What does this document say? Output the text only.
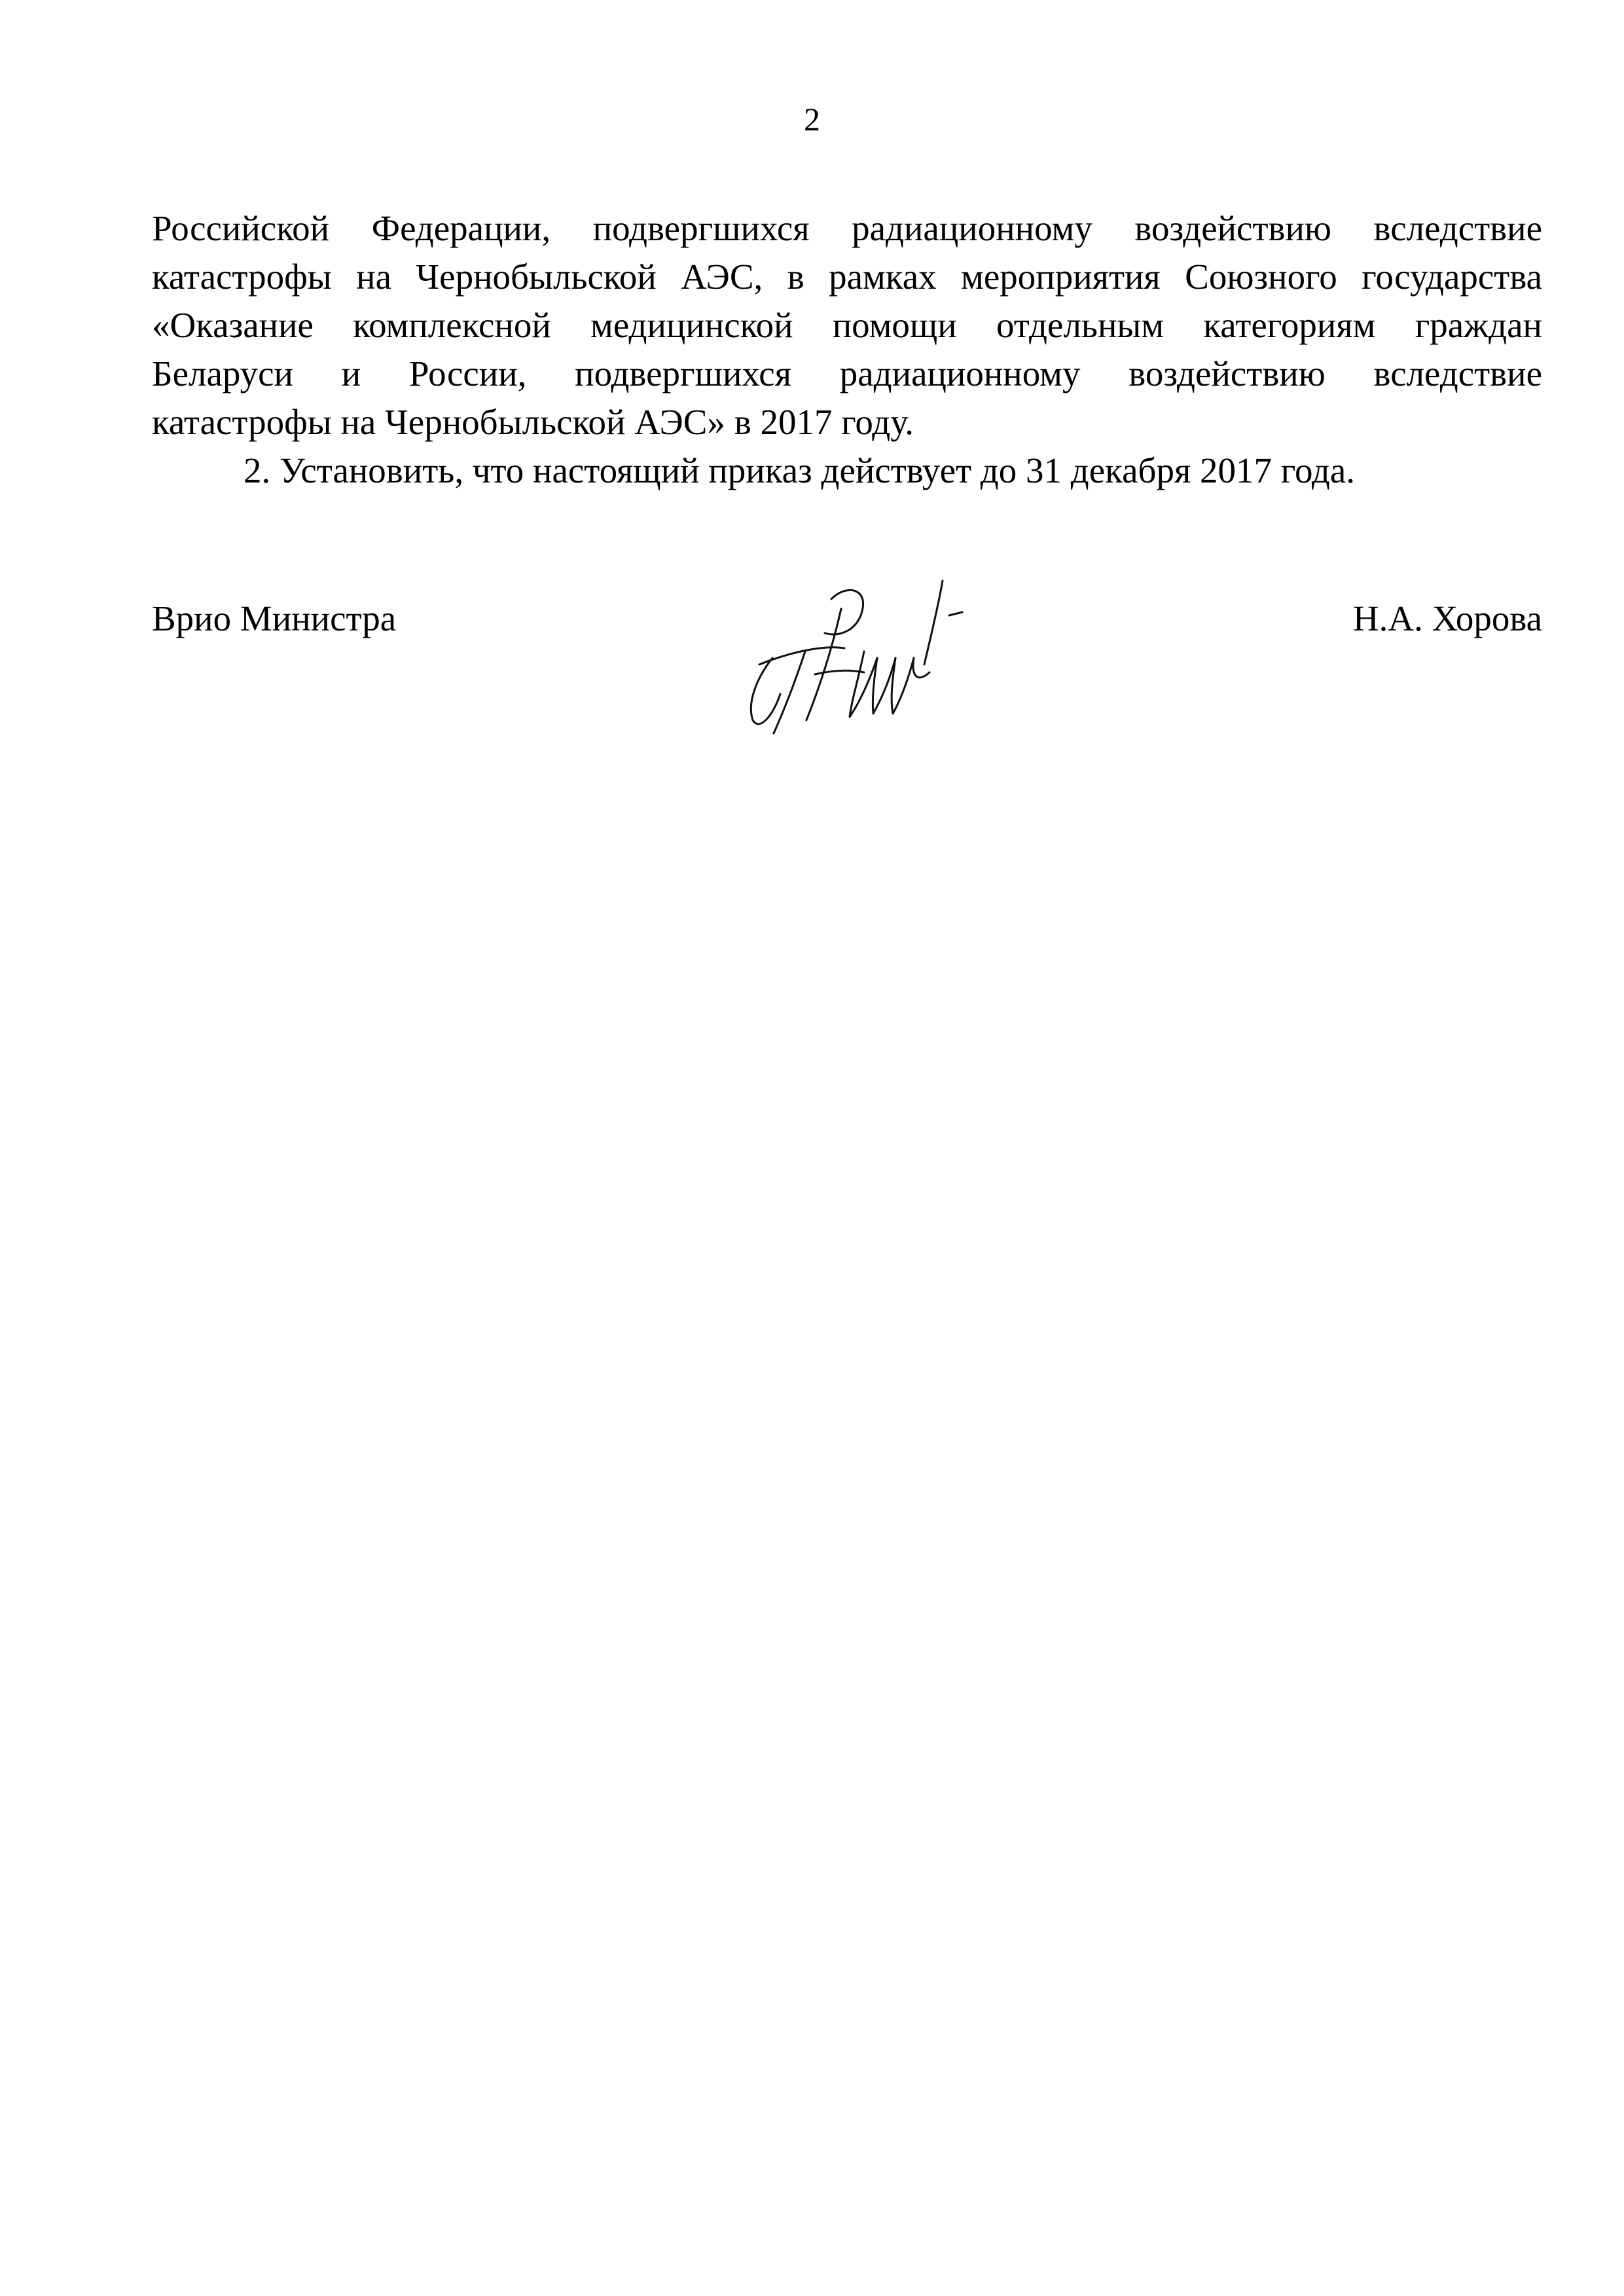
2
Российской Федерации, подвергшихся радиационному воздействию вследствие
катастрофы на Чернобыльской АЭС, в рамках мероприятия Союзного государства
«Оказание комплексной медицинской помощи отдельным категориям граждан
Беларуси и России, подвергшихся радиационному воздействию вследствие
катастрофы на Чернобыльской АЭС» в 2017 году.
2. Установить, что настоящий приказ действует до 31 декабря 2017 года.
Врио Министра	Н.А. Хорова
